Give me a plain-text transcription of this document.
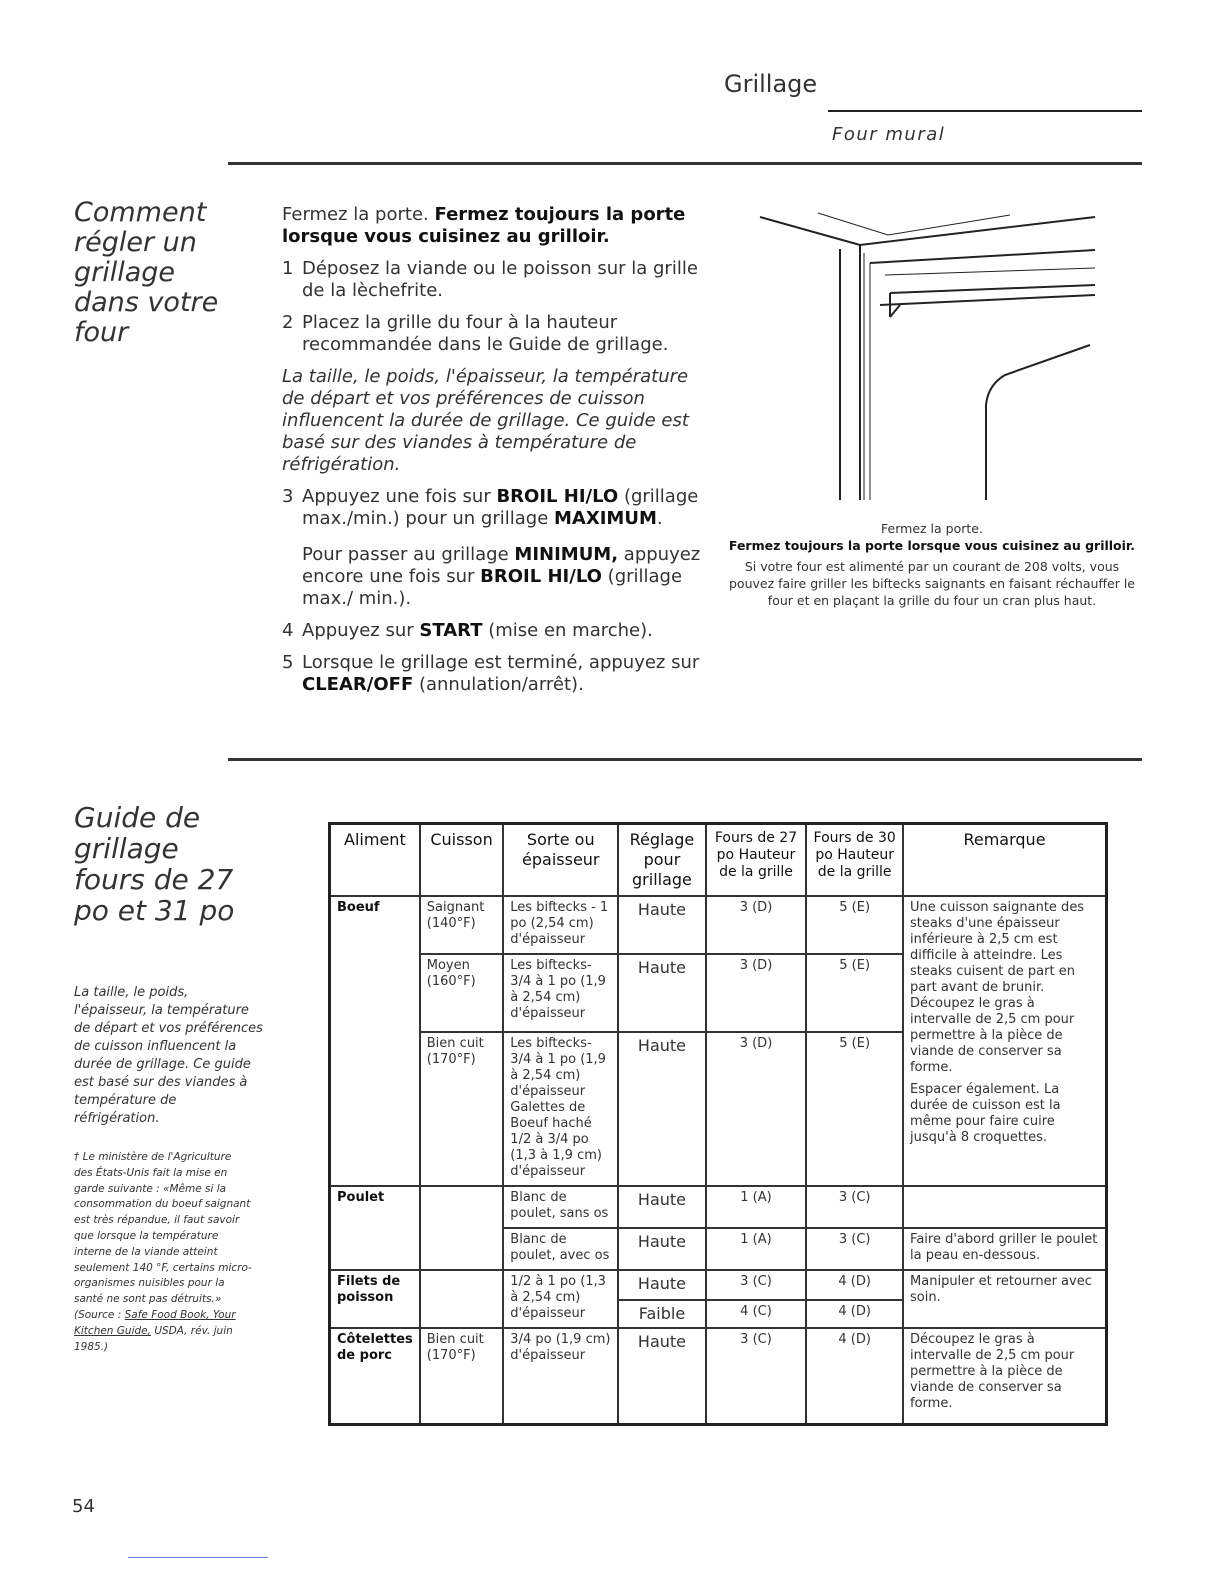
Grillage
Four mural
Comment régler un grillage dans votre four

Fermez la porte. Fermez toujours la porte lorsque vous cuisinez au grilloir.

1 Déposez la viande ou le poisson sur la grille de la lèchefrite.
2 Placez la grille du four à la hauteur recommandée dans le Guide de grillage.

La taille, le poids, l'épaisseur, la température de départ et vos préférences de cuisson influencent la durée de grillage. Ce guide est basé sur des viandes à température de réfrigération.

3 Appuyez une fois sur BROIL HI/LO (grillage max./min.) pour un grillage MAXIMUM.
Pour passer au grillage MINIMUM, appuyez encore une fois sur BROIL HI/LO (grillage max./ min.).
4 Appuyez sur START (mise en marche).
5 Lorsque le grillage est terminé, appuyez sur CLEAR/OFF (annulation/arrêt).
Fermez la porte.
Fermez toujours la porte lorsque vous cuisinez au grilloir.
Si votre four est alimenté par un courant de 208 volts, vous pouvez faire griller les biftecks saignants en faisant réchauffer le four et en plaçant la grille du four un cran plus haut.
Guide de grillage fours de 27 po et 31 po
La taille, le poids, l'épaisseur, la température de départ et vos préférences de cuisson influencent la durée de grillage. Ce guide est basé sur des viandes à température de réfrigération.
† Le ministère de l'Agriculture des États-Unis fait la mise en garde suivante : «Même si la consommation du boeuf saignant est très répandue, il faut savoir que lorsque la température interne de la viande atteint seulement 140 °F, certains micro-organismes nuisibles pour la santé ne sont pas détruits.» (Source : Safe Food Book, Your Kitchen Guide, USDA, rév. juin 1985.)
Aliment	Cuisson	Sorte ou épaisseur	Réglage pour grillage	Fours de 27 po Hauteur de la grille	Fours de 30 po Hauteur de la grille	Remarque
Boeuf	Saignant (140°F)	Les biftecks - 1 po (2,54 cm) d'épaisseur	Haute	3 (D)	5 (E)	Une cuisson saignante des steaks d'une épaisseur inférieure à 2,5 cm est difficile à atteindre. Les steaks cuisent de part en part avant de brunir. Découpez le gras à intervalle de 2,5 cm pour permettre à la pièce de viande de conserver sa forme.

Espacer également. La durée de cuisson est la même pour faire cuire jusqu'à 8 croquettes.

	Moyen (160°F)	Les biftecks- 3/4 à 1 po (1,9 à 2,54 cm) d'épaisseur	Haute	3 (D)	5 (E)	
	Bien cuit (170°F)	Les biftecks- 3/4 à 1 po (1,9 à 2,54 cm) d'épaisseur Galettes de Boeuf haché 1/2 à 3/4 po (1,3 à 1,9 cm) d'épaisseur	Haute	3 (D)	5 (E)	
Poulet		Blanc de poulet, sans os	Haute	1 (A)	3 (C)	
		Blanc de poulet, avec os	Haute	1 (A)	3 (C)	Faire d'abord griller le poulet la peau en-dessous.
Filets de poisson		1/2 à 1 po (1,3 à 2,54 cm) d'épaisseur	Haute	3 (C)	4 (D)	Manipuler et retourner avec soin.
			Faible	4 (C)	4 (D)	
Côtelettes de porc	Bien cuit (170°F)	3/4 po (1,9 cm) d'épaisseur	Haute	3 (C)	4 (D)	Découpez le gras à intervalle de 2,5 cm pour permettre à la pièce de viande de conserver sa forme.
54
